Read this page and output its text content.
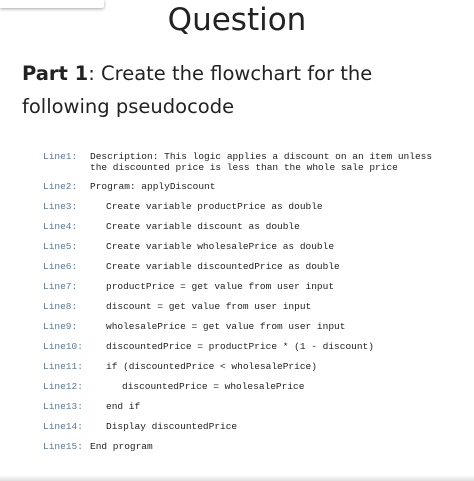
Question
Part 1: Create the flowchart for the following pseudocode
Line1: Description: This logic applies a discount on an item unless
the discounted price is less than the whole sale price
Line2: Program: applyDiscount
Line3:	Create variable productPrice as double
Line4:	Create variable discount as double
Line5:	Create variable wholesalePrice as double
Line6:	Create variable discountedPrice as double
Line7:	productPrice = get value from user input
Line8:	discount = get value from user input
Line9:	wholesalePrice = get value from user input
Line10: discountedPrice = productPrice * (1 - discount)
Line11: if (discountedPrice < wholesalePrice)
Line12:	discountedPrice = wholesalePrice
Line13: end if
Line14: Display discountedPrice
Line15: End program
